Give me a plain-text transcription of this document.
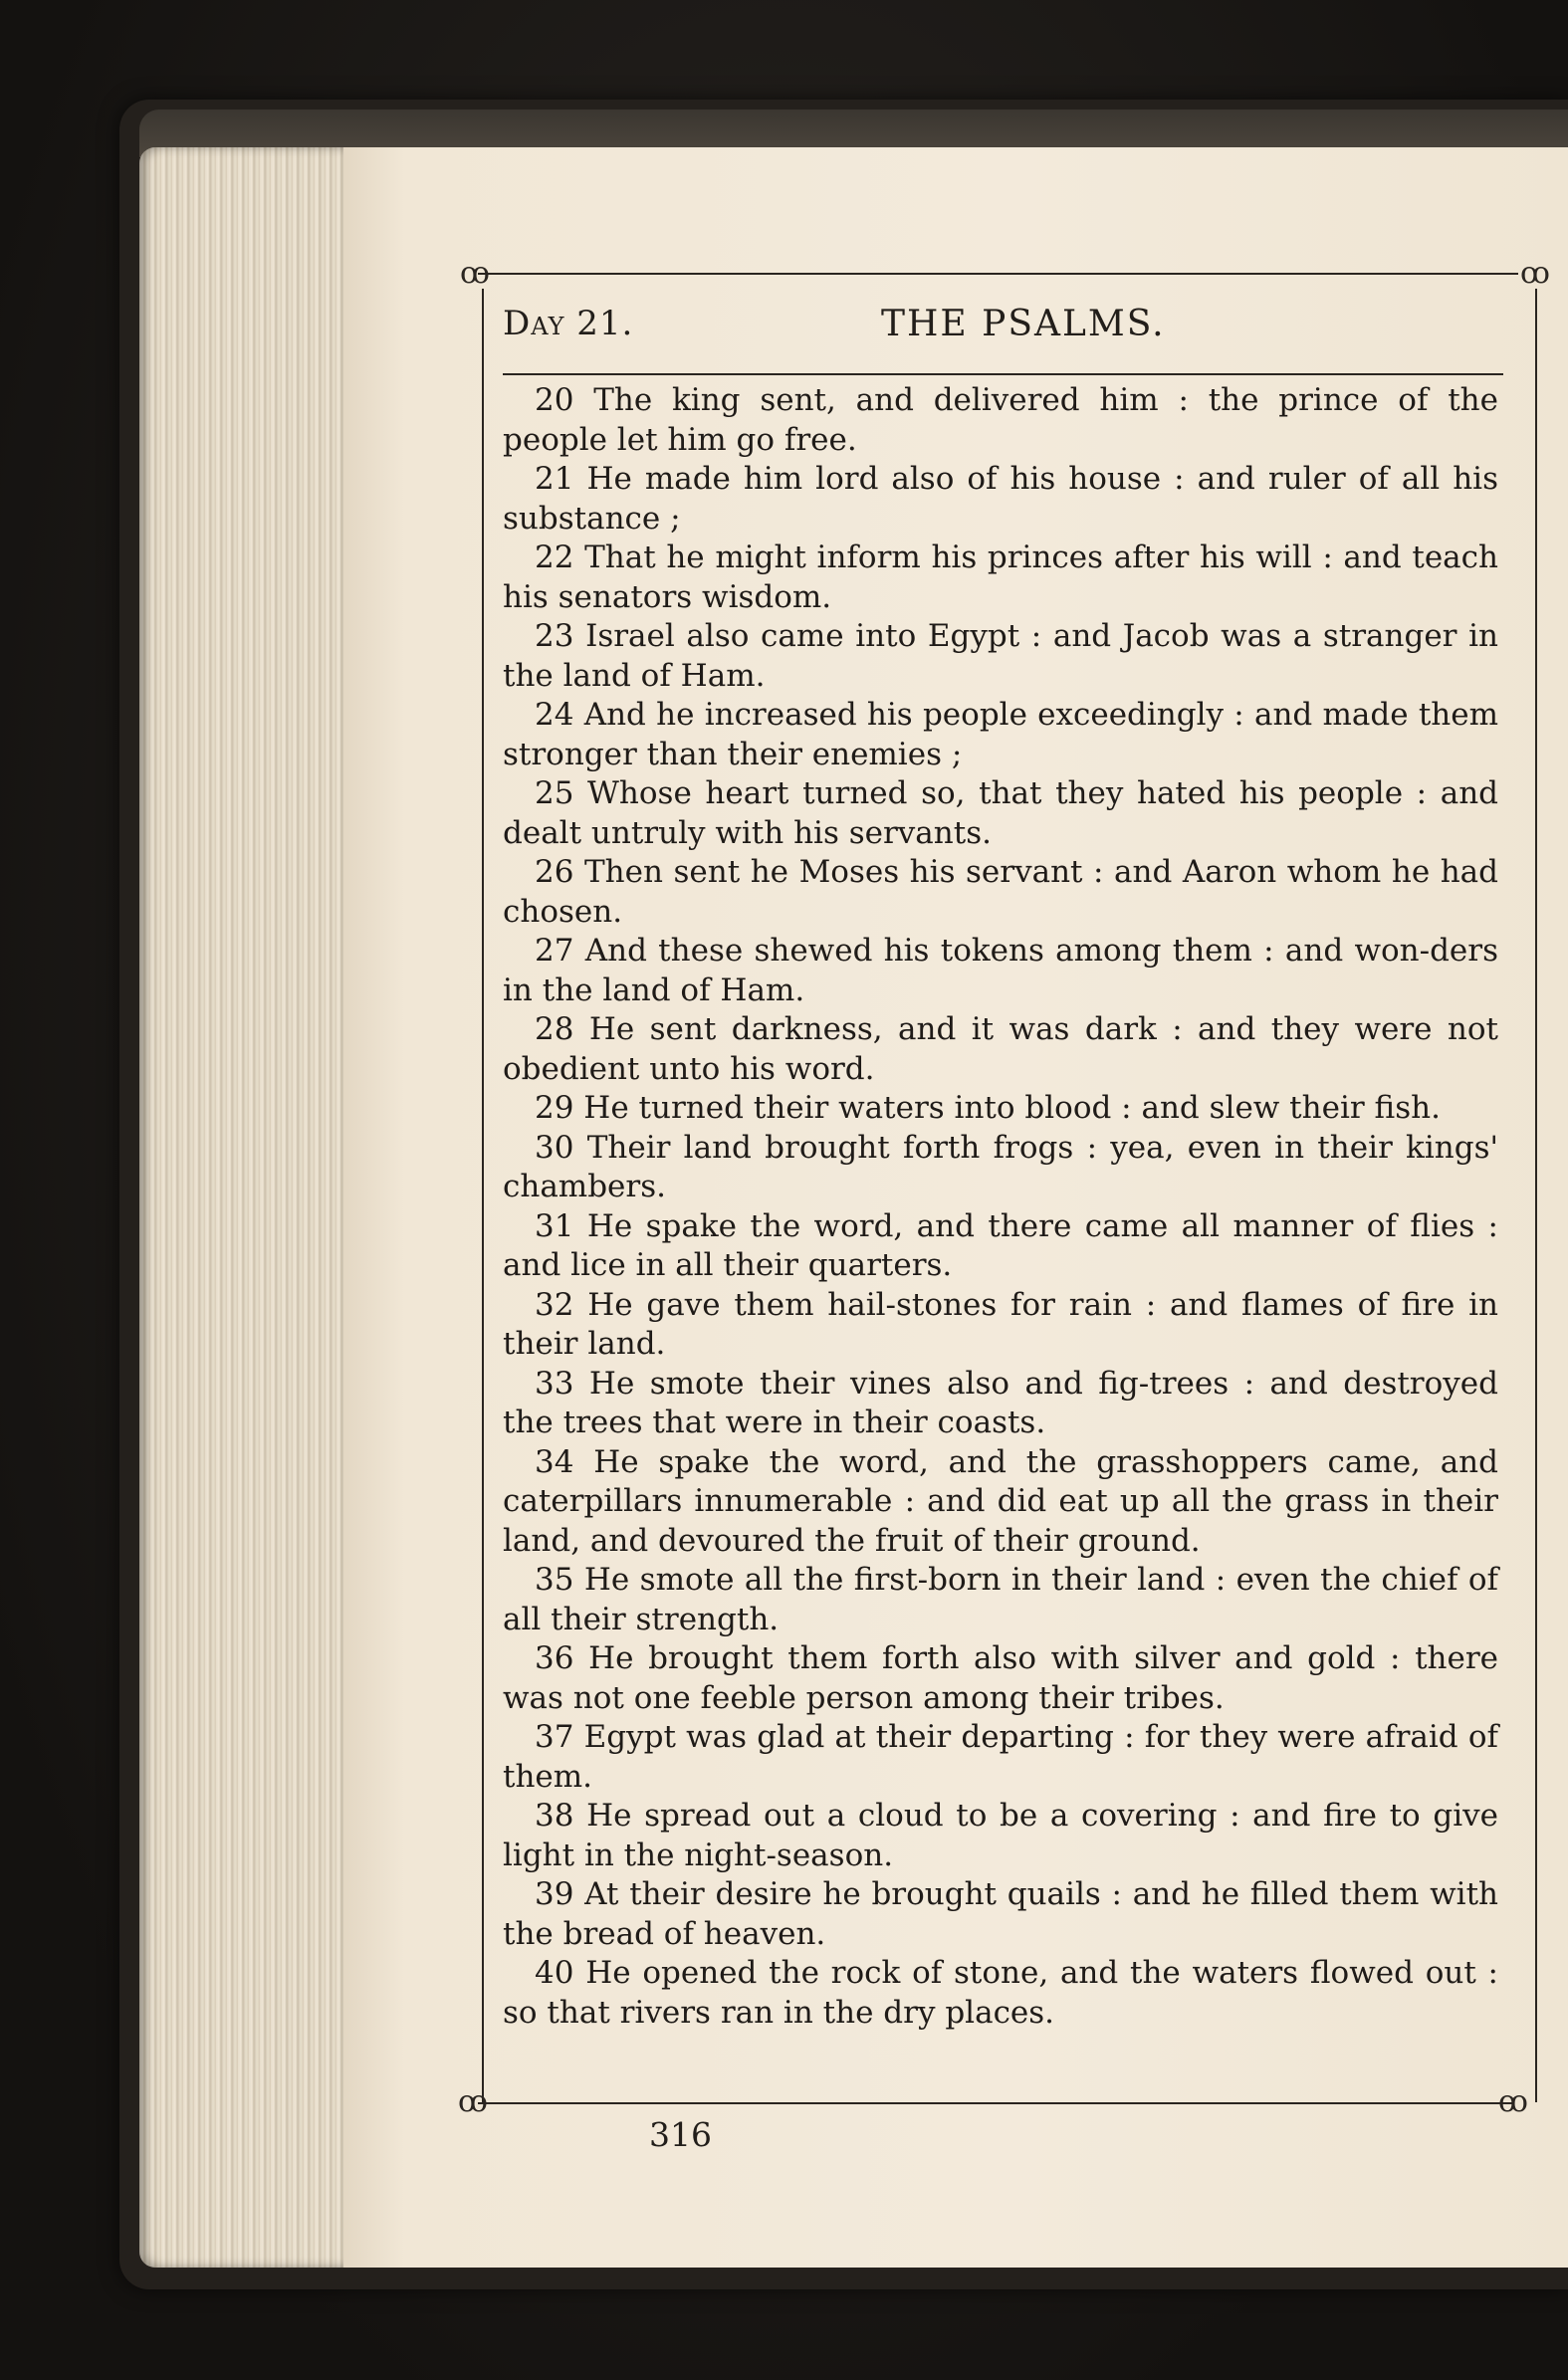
ꝏ	ꝏ
ꝏ	ꝏ
Day 21.	THE PSALMS.

20 The king sent, and delivered him : the prince of the people let him go free.

21 He made him lord also of his house : and ruler of all his substance ;

22 That he might inform his princes after his will : and teach his senators wisdom.

23 Israel also came into Egypt : and Jacob was a stranger in the land of Ham.

24 And he increased his people exceedingly : and made them stronger than their enemies ;

25 Whose heart turned so, that they hated his people : and dealt untruly with his servants.

26 Then sent he Moses his servant : and Aaron whom he had chosen.

27 And these shewed his tokens among them : and won-ders in the land of Ham.

28 He sent darkness, and it was dark : and they were not obedient unto his word.

29 He turned their waters into blood : and slew their fish.

30 Their land brought forth frogs : yea, even in their kings' chambers.

31 He spake the word, and there came all manner of flies : and lice in all their quarters.

32 He gave them hail-stones for rain : and flames of fire in their land.

33 He smote their vines also and fig-trees : and destroyed the trees that were in their coasts.

34 He spake the word, and the grasshoppers came, and caterpillars innumerable : and did eat up all the grass in their land, and devoured the fruit of their ground.

35 He smote all the first-born in their land : even the chief of all their strength.

36 He brought them forth also with silver and gold : there was not one feeble person among their tribes.

37 Egypt was glad at their departing : for they were afraid of them.

38 He spread out a cloud to be a covering : and fire to give light in the night-season.

39 At their desire he brought quails : and he filled them with the bread of heaven.

40 He opened the rock of stone, and the waters flowed out : so that rivers ran in the dry places.

316
